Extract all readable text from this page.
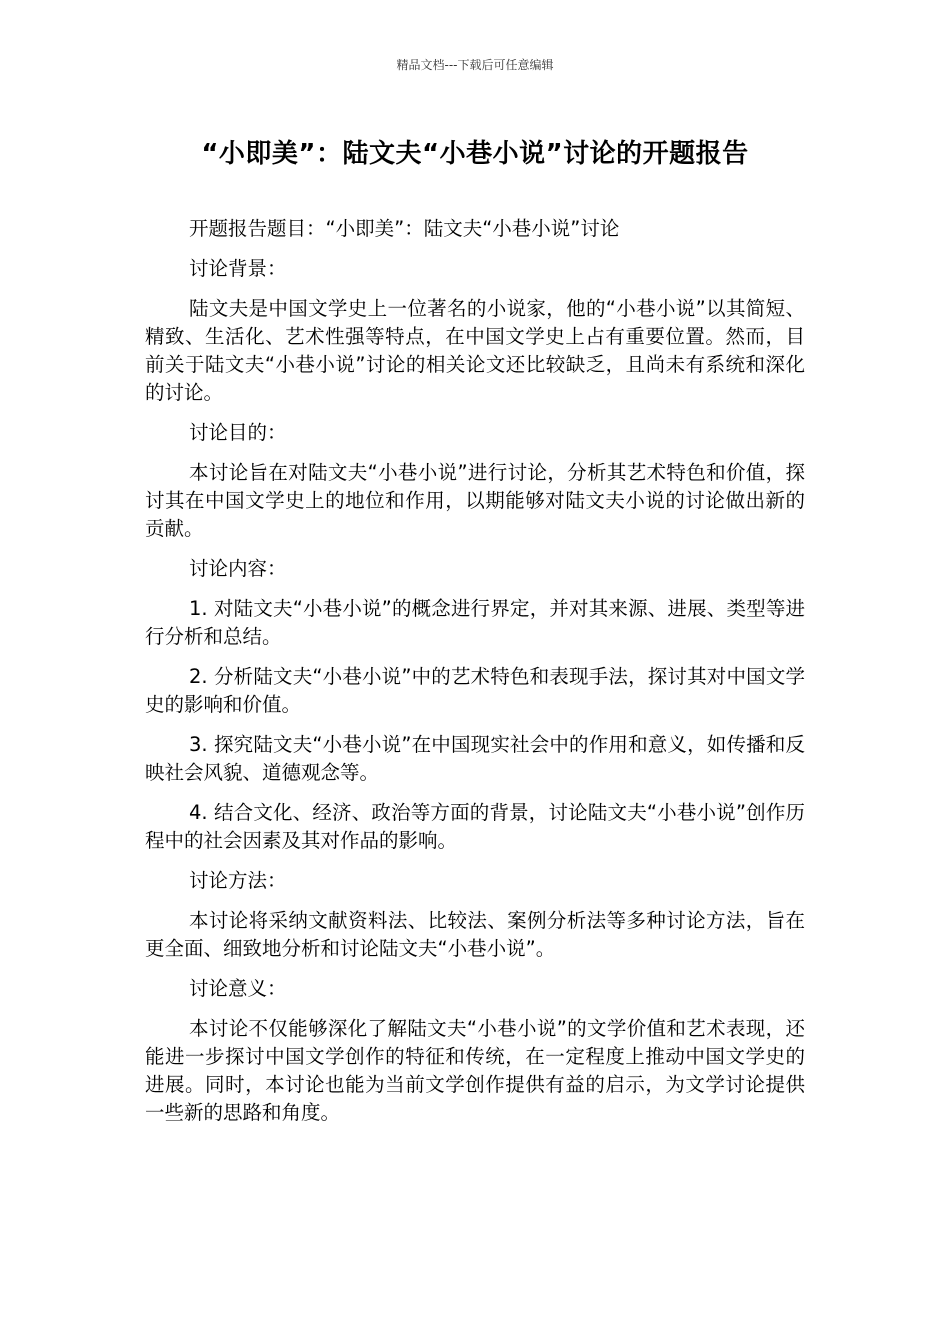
精品文档---下载后可任意编辑
“小即美”：陆文夫“小巷小说”讨论的开题报告

开题报告题目：“小即美”：陆文夫“小巷小说”讨论

讨论背景：

陆文夫是中国文学史上一位著名的小说家，他的“小巷小说”以其简短、精致、生活化、艺术性强等特点，在中国文学史上占有重要位置。然而，目前关于陆文夫“小巷小说”讨论的相关论文还比较缺乏，且尚未有系统和深化的讨论。

讨论目的：

本讨论旨在对陆文夫“小巷小说”进行讨论，分析其艺术特色和价值，探讨其在中国文学史上的地位和作用，以期能够对陆文夫小说的讨论做出新的贡献。

讨论内容：

1. 对陆文夫“小巷小说”的概念进行界定，并对其来源、进展、类型等进行分析和总结。

2. 分析陆文夫“小巷小说”中的艺术特色和表现手法，探讨其对中国文学史的影响和价值。

3. 探究陆文夫“小巷小说”在中国现实社会中的作用和意义，如传播和反映社会风貌、道德观念等。

4. 结合文化、经济、政治等方面的背景，讨论陆文夫“小巷小说”创作历程中的社会因素及其对作品的影响。

讨论方法：

本讨论将采纳文献资料法、比较法、案例分析法等多种讨论方法，旨在更全面、细致地分析和讨论陆文夫“小巷小说”。

讨论意义：

本讨论不仅能够深化了解陆文夫“小巷小说”的文学价值和艺术表现，还能进一步探讨中国文学创作的特征和传统，在一定程度上推动中国文学史的进展。同时，本讨论也能为当前文学创作提供有益的启示，为文学讨论提供一些新的思路和角度。
